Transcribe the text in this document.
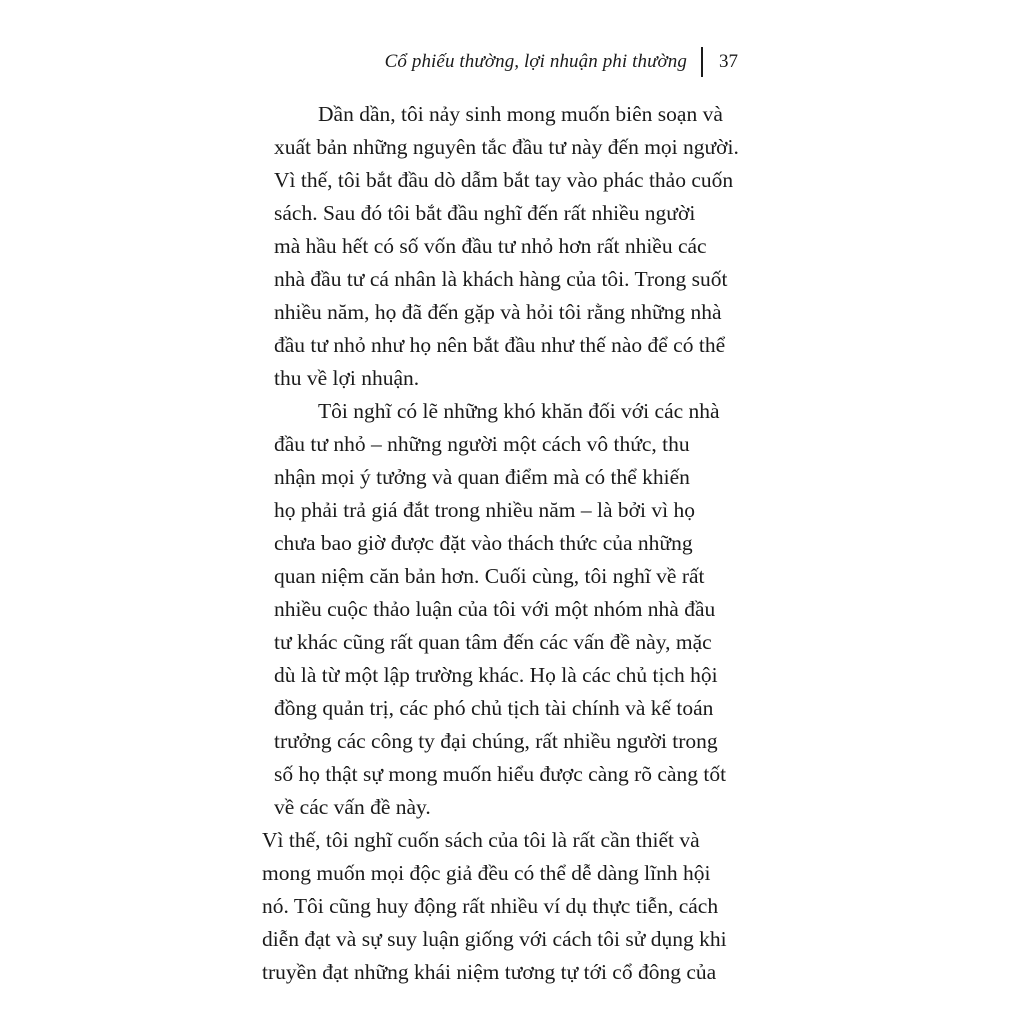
Cổ phiếu thường, lợi nhuận phi thường 37
Dần dần, tôi nảy sinh mong muốn biên soạn và
xuất bản những nguyên tắc đầu tư này đến mọi người.
Vì thế, tôi bắt đầu dò dẫm bắt tay vào phác thảo cuốn
sách. Sau đó tôi bắt đầu nghĩ đến rất nhiều người
mà hầu hết có số vốn đầu tư nhỏ hơn rất nhiều các
nhà đầu tư cá nhân là khách hàng của tôi. Trong suốt
nhiều năm, họ đã đến gặp và hỏi tôi rằng những nhà
đầu tư nhỏ như họ nên bắt đầu như thế nào để có thể
thu về lợi nhuận.
Tôi nghĩ có lẽ những khó khăn đối với các nhà
đầu tư nhỏ – những người một cách vô thức, thu
nhận mọi ý tưởng và quan điểm mà có thể khiến
họ phải trả giá đắt trong nhiều năm – là bởi vì họ
chưa bao giờ được đặt vào thách thức của những
quan niệm căn bản hơn. Cuối cùng, tôi nghĩ về rất
nhiều cuộc thảo luận của tôi với một nhóm nhà đầu
tư khác cũng rất quan tâm đến các vấn đề này, mặc
dù là từ một lập trường khác. Họ là các chủ tịch hội
đồng quản trị, các phó chủ tịch tài chính và kế toán
trưởng các công ty đại chúng, rất nhiều người trong
số họ thật sự mong muốn hiểu được càng rõ càng tốt
về các vấn đề này.
Vì thế, tôi nghĩ cuốn sách của tôi là rất cần thiết và
mong muốn mọi độc giả đều có thể dễ dàng lĩnh hội
nó. Tôi cũng huy động rất nhiều ví dụ thực tiễn, cách
diễn đạt và sự suy luận giống với cách tôi sử dụng khi
truyền đạt những khái niệm tương tự tới cổ đông của
